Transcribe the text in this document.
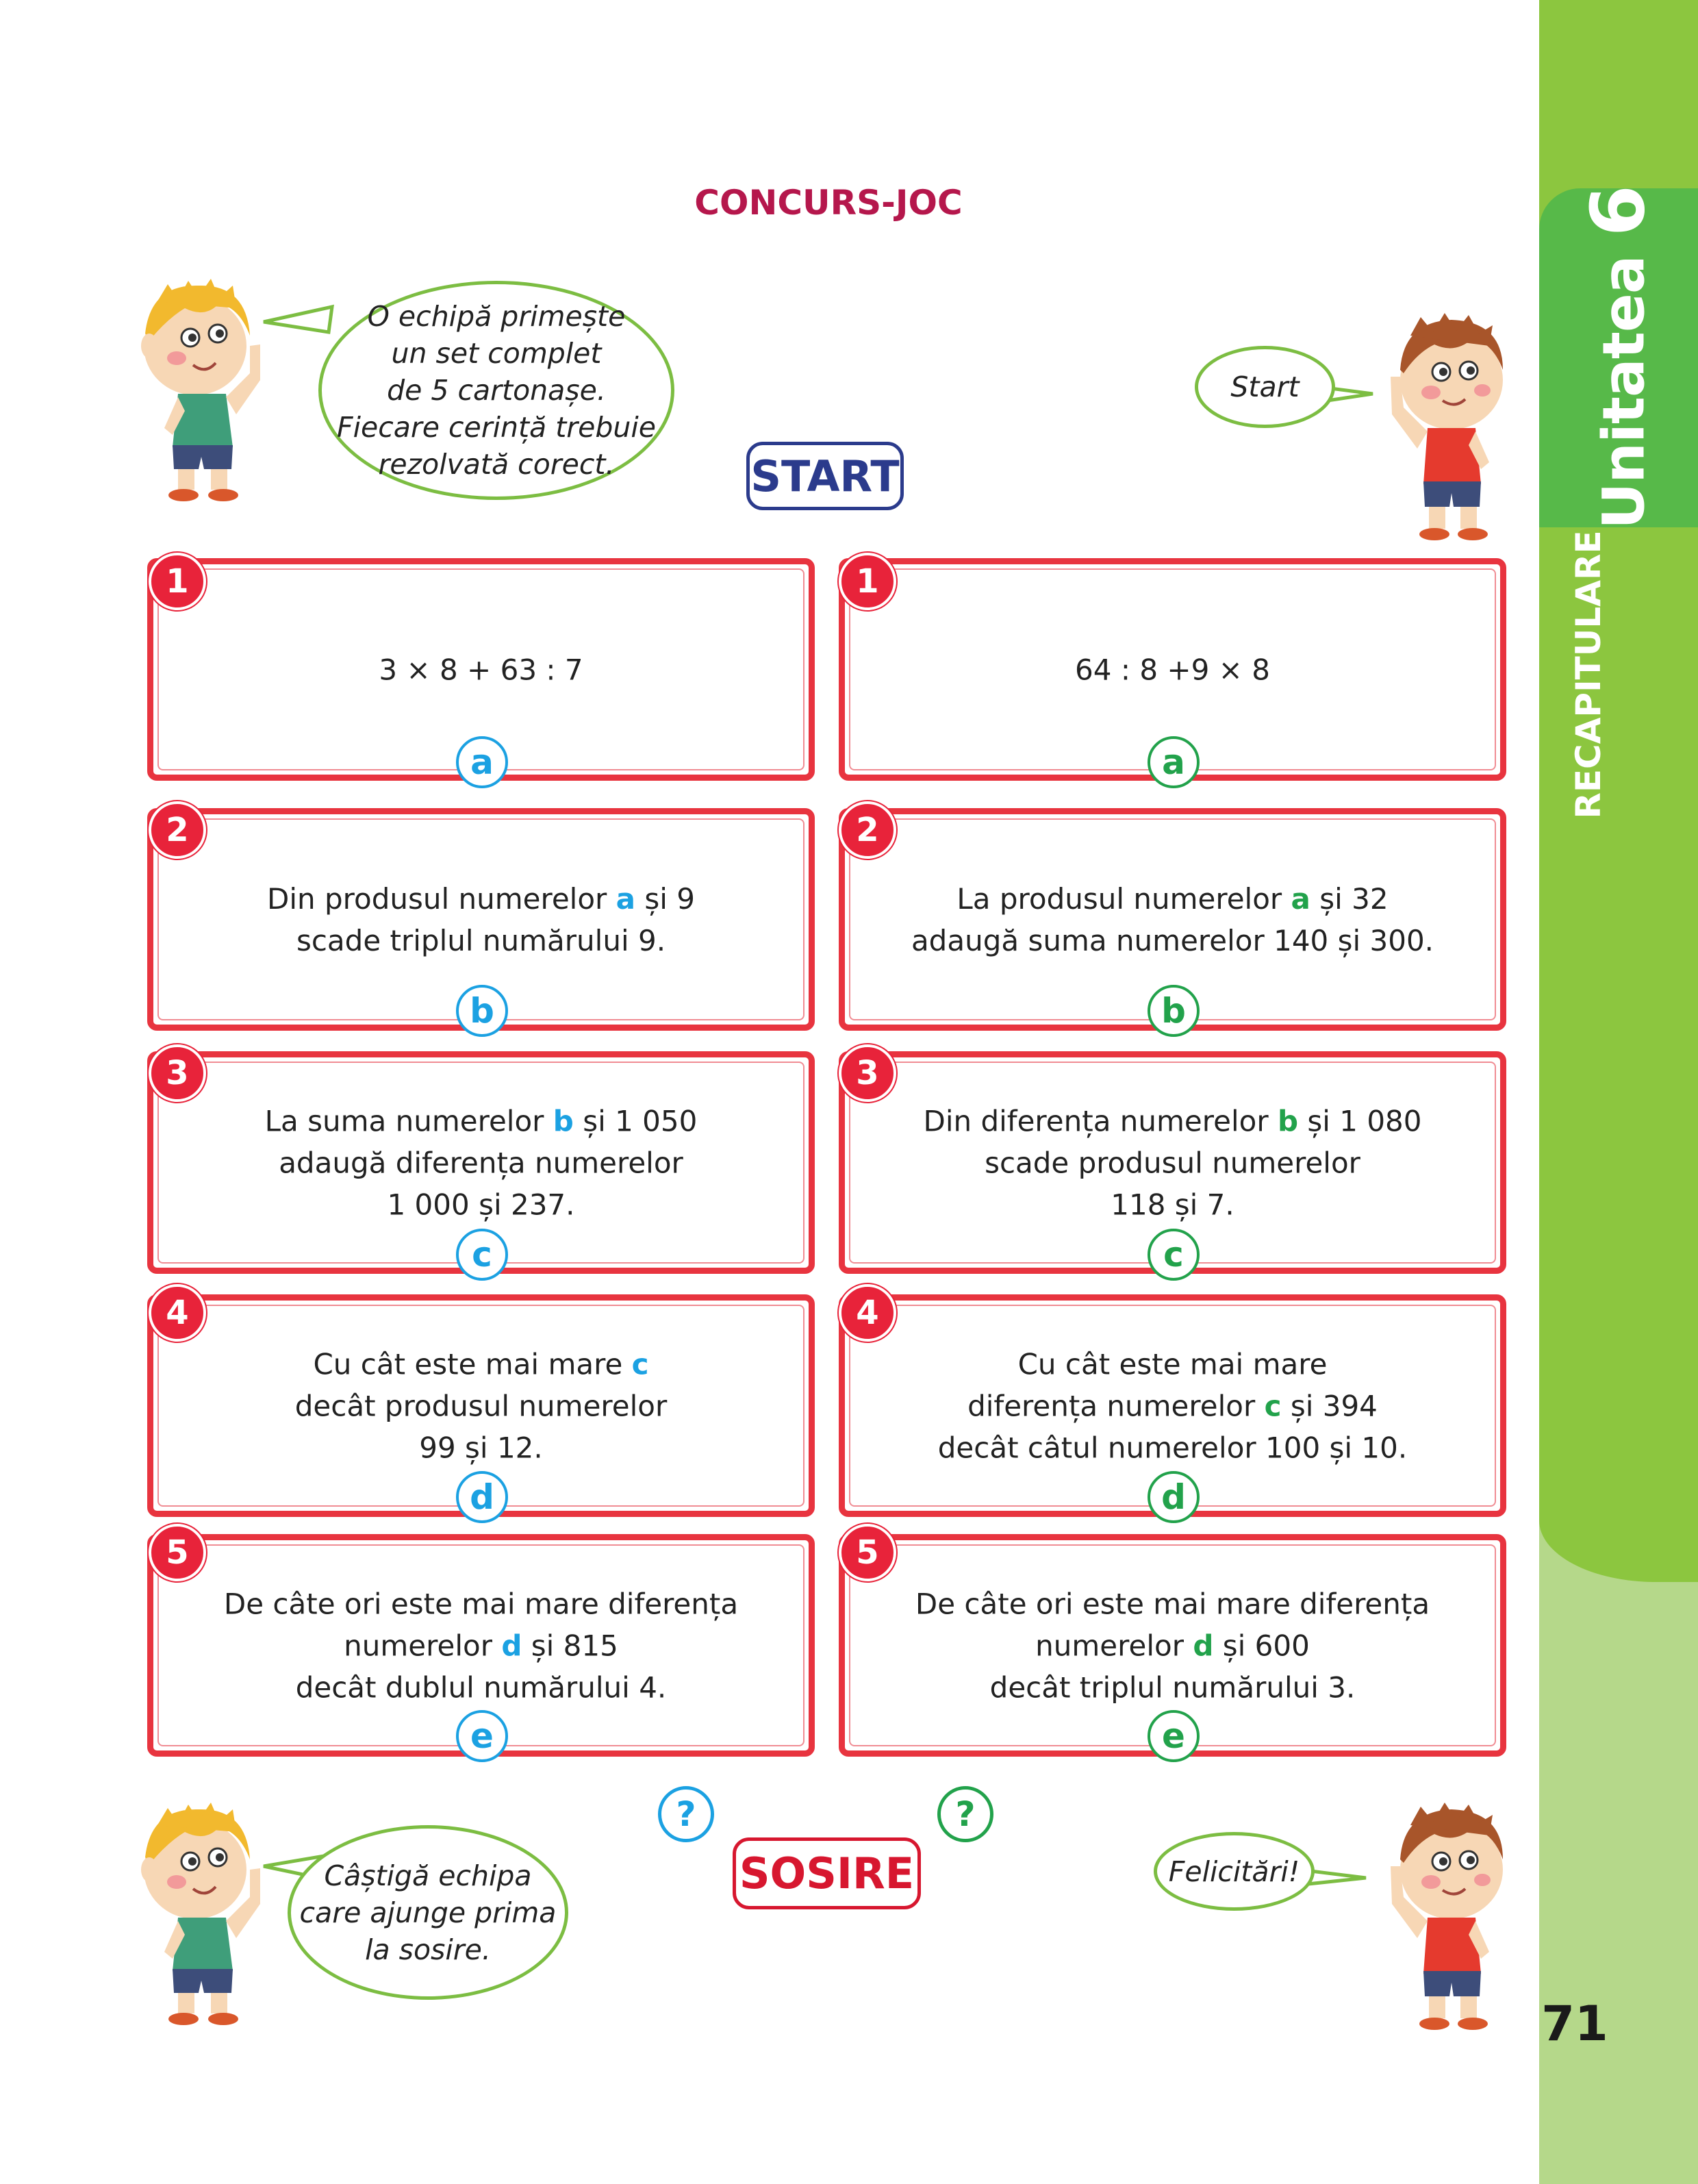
Unitatea 6
RECAPITULARE
71
CONCURS-JOC
O echipă primește
un set complet
de 5 cartonașe.
Fiecare cerință trebuie
rezolvată corect.
Start
Câștigă echipa
care ajunge prima
la sosire.
Felicitări!
START
SOSIRE
3 × 8 + 63 : 7
Din produsul numerelor a și 9
scade triplul numărului 9.
La suma numerelor b și 1 050
adaugă diferența numerelor
1 000 și 237.
Cu cât este mai mare c
decât produsul numerelor
99 și 12.
De câte ori este mai mare diferența
numerelor d și 815
decât dublul numărului 4.
64 : 8 +9 × 8
La produsul numerelor a și 32
adaugă suma numerelor 140 și 300.
Din diferența numerelor b și 1 080
scade produsul numerelor
118 și 7.
Cu cât este mai mare
diferența numerelor c și 394
decât câtul numerelor 100 și 10.
De câte ori este mai mare diferența
numerelor d și 600
decât triplul numărului 3.
1
2
3
4
5
1
2
3
4
5
a
b
c
d
e
a
b
c
d
e
?	?
